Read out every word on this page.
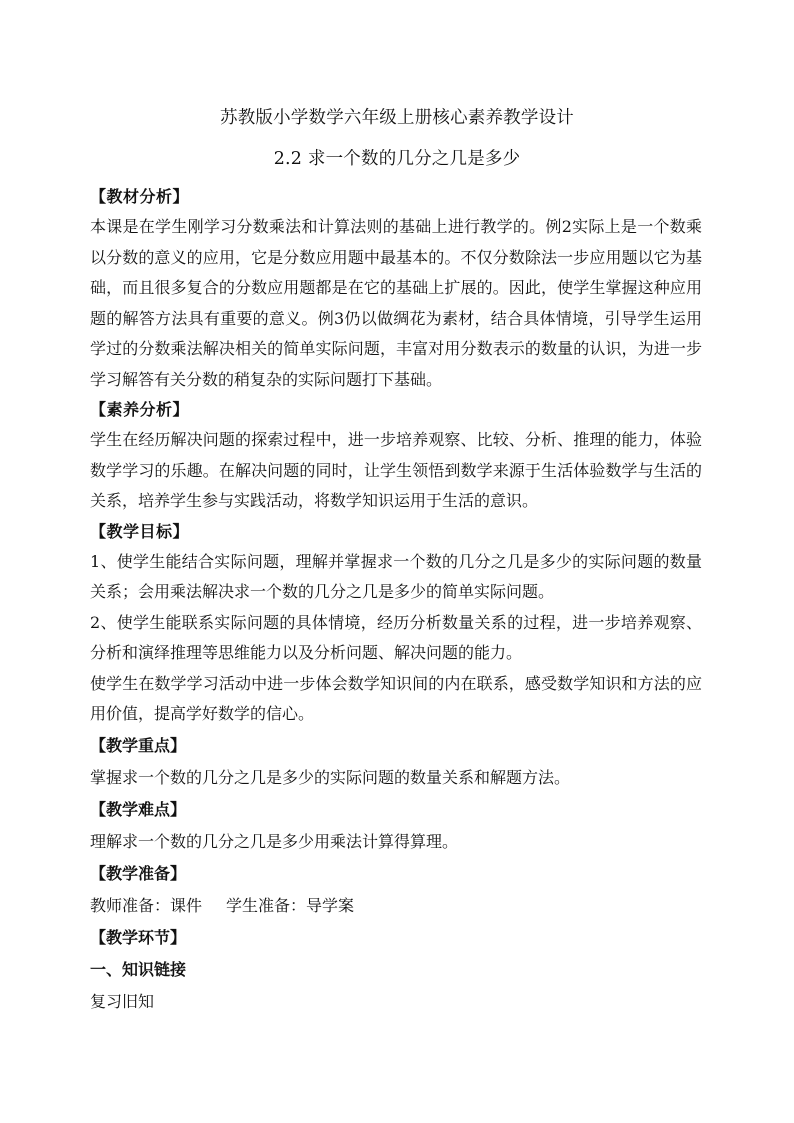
苏教版小学数学六年级上册核心素养教学设计
2.2 求一个数的几分之几是多少
【教材分析】
本课是在学生刚学习分数乘法和计算法则的基础上进行教学的。例2实际上是一个数乘以分数的意义的应用，它是分数应用题中最基本的。不仅分数除法一步应用题以它为基础，而且很多复合的分数应用题都是在它的基础上扩展的。因此，使学生掌握这种应用题的解答方法具有重要的意义。例3仍以做绸花为素材，结合具体情境，引导学生运用学过的分数乘法解决相关的简单实际问题，丰富对用分数表示的数量的认识，为进一步学习解答有关分数的稍复杂的实际问题打下基础。
【素养分析】
学生在经历解决问题的探索过程中，进一步培养观察、比较、分析、推理的能力，体验数学学习的乐趣。在解决问题的同时，让学生领悟到数学来源于生活体验数学与生活的关系，培养学生参与实践活动，将数学知识运用于生活的意识。
【教学目标】
1、使学生能结合实际问题，理解并掌握求一个数的几分之几是多少的实际问题的数量关系；会用乘法解决求一个数的几分之几是多少的简单实际问题。
2、使学生能联系实际问题的具体情境，经历分析数量关系的过程，进一步培养观察、分析和演绎推理等思维能力以及分析问题、解决问题的能力。
使学生在数学学习活动中进一步体会数学知识间的内在联系，感受数学知识和方法的应用价值，提高学好数学的信心。
【教学重点】
掌握求一个数的几分之几是多少的实际问题的数量关系和解题方法。
【教学难点】
理解求一个数的几分之几是多少用乘法计算得算理。
【教学准备】
教师准备：课件 学生准备：导学案
【教学环节】
一、知识链接
复习旧知
